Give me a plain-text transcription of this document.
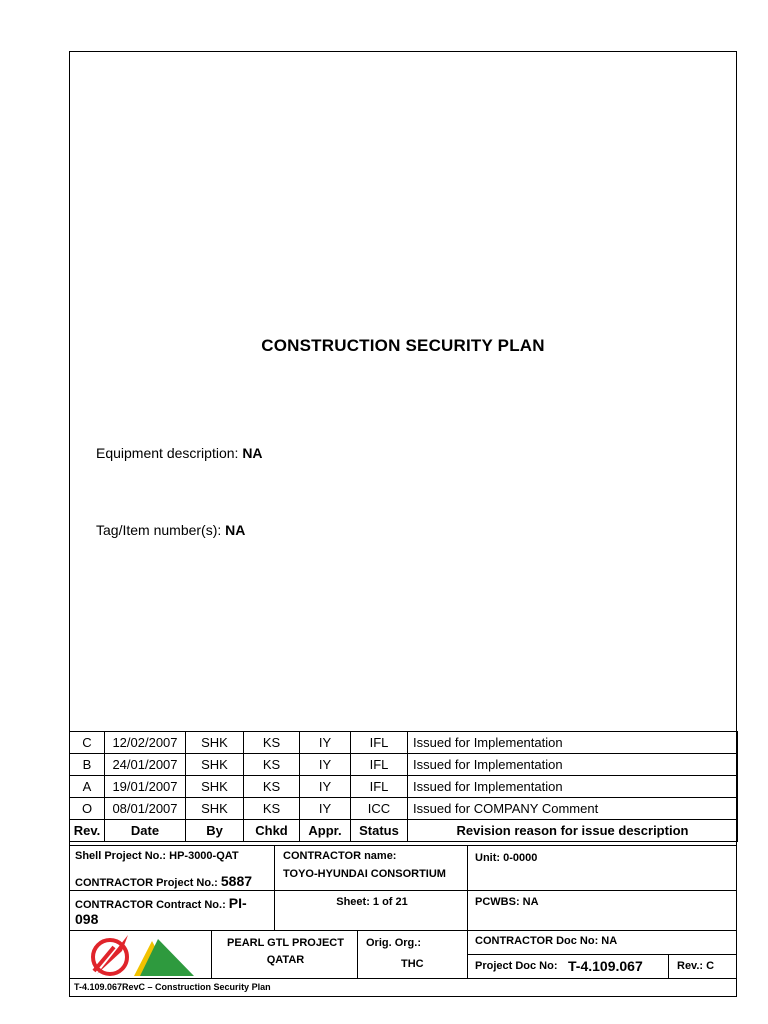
CONSTRUCTION SECURITY PLAN
Equipment description: NA
Tag/Item number(s): NA
C	12/02/2007	SHK	KS	IY	IFL	Issued for Implementation
B	24/01/2007	SHK	KS	IY	IFL	Issued for Implementation
A	19/01/2007	SHK	KS	IY	IFL	Issued for Implementation
O	08/01/2007	SHK	KS	IY	ICC	Issued for COMPANY Comment
Rev.	Date	By	Chkd	Appr.	Status	Revision reason for issue description
Shell Project No.: HP-3000-QAT
CONTRACTOR Project No.: 5887
CONTRACTOR name:
TOYO-HYUNDAI CONSORTIUM
Unit: 0-0000
CONTRACTOR Contract No.: PI-
098
Sheet: 1 of 21	PCWBS: NA
PEARL GTL PROJECT
QATAR
Orig. Org.:
THC
CONTRACTOR Doc No: NA
Project Doc No: T-4.109.067	Rev.: C
T-4.109.067RevC – Construction Security Plan
